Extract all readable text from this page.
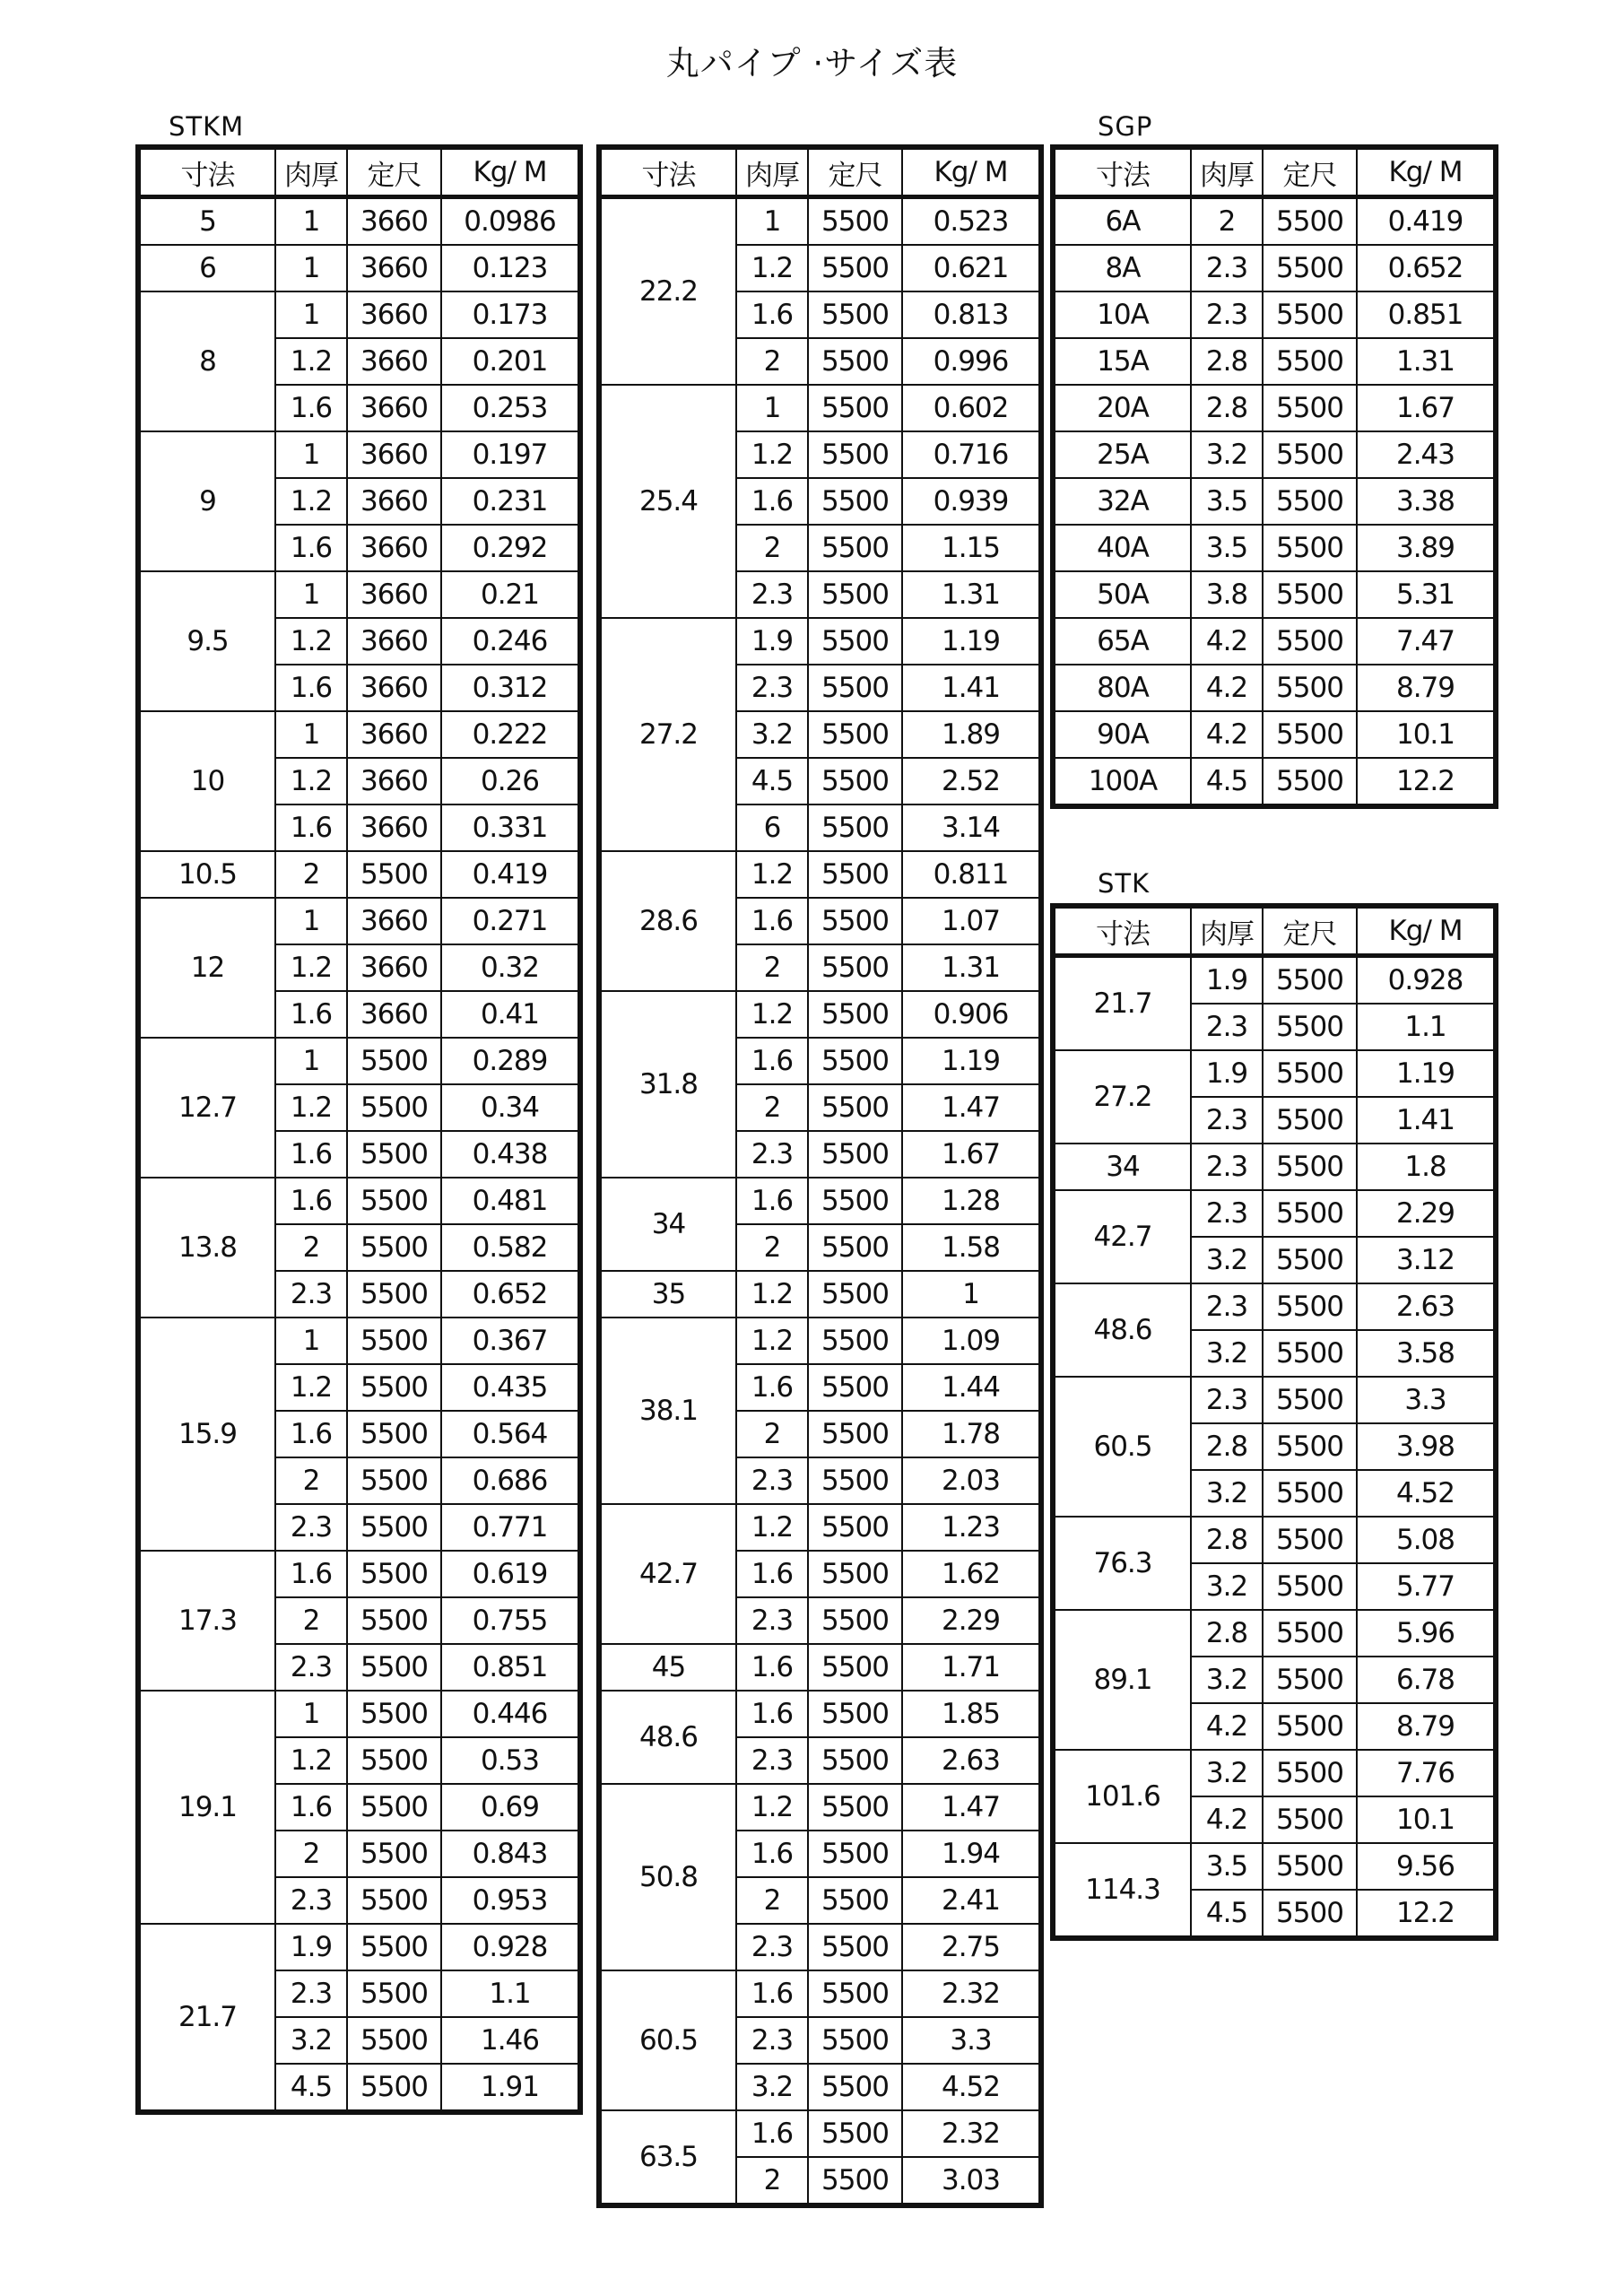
丸パイプ ·サイズ表
STKM	SGP
STK
寸法	肉厚	定尺	Kg/ M
5	1	3660	0.0986
6	1	3660	0.123
8	1	3660	0.173
	1.2	3660	0.201
	1.6	3660	0.253
9	1	3660	0.197
	1.2	3660	0.231
	1.6	3660	0.292
9.5	1	3660	0.21
	1.2	3660	0.246
	1.6	3660	0.312
10	1	3660	0.222
	1.2	3660	0.26
	1.6	3660	0.331
10.5	2	5500	0.419
12	1	3660	0.271
	1.2	3660	0.32
	1.6	3660	0.41
12.7	1	5500	0.289
	1.2	5500	0.34
	1.6	5500	0.438
13.8	1.6	5500	0.481
	2	5500	0.582
	2.3	5500	0.652
15.9	1	5500	0.367
	1.2	5500	0.435
	1.6	5500	0.564
	2	5500	0.686
	2.3	5500	0.771
17.3	1.6	5500	0.619
	2	5500	0.755
	2.3	5500	0.851
19.1	1	5500	0.446
	1.2	5500	0.53
	1.6	5500	0.69
	2	5500	0.843
	2.3	5500	0.953
21.7	1.9	5500	0.928
	2.3	5500	1.1
	3.2	5500	1.46
	4.5	5500	1.91
寸法	肉厚	定尺	Kg/ M
22.2	1	5500	0.523
	1.2	5500	0.621
	1.6	5500	0.813
	2	5500	0.996
25.4	1	5500	0.602
	1.2	5500	0.716
	1.6	5500	0.939
	2	5500	1.15
	2.3	5500	1.31
27.2	1.9	5500	1.19
	2.3	5500	1.41
	3.2	5500	1.89
	4.5	5500	2.52
	6	5500	3.14
28.6	1.2	5500	0.811
	1.6	5500	1.07
	2	5500	1.31
31.8	1.2	5500	0.906
	1.6	5500	1.19
	2	5500	1.47
	2.3	5500	1.67
34	1.6	5500	1.28
	2	5500	1.58
35	1.2	5500	1
38.1	1.2	5500	1.09
	1.6	5500	1.44
	2	5500	1.78
	2.3	5500	2.03
42.7	1.2	5500	1.23
	1.6	5500	1.62
	2.3	5500	2.29
45	1.6	5500	1.71
48.6	1.6	5500	1.85
	2.3	5500	2.63
50.8	1.2	5500	1.47
	1.6	5500	1.94
	2	5500	2.41
	2.3	5500	2.75
60.5	1.6	5500	2.32
	2.3	5500	3.3
	3.2	5500	4.52
63.5	1.6	5500	2.32
	2	5500	3.03
寸法	肉厚	定尺	Kg/ M
6A	2	5500	0.419
8A	2.3	5500	0.652
10A	2.3	5500	0.851
15A	2.8	5500	1.31
20A	2.8	5500	1.67
25A	3.2	5500	2.43
32A	3.5	5500	3.38
40A	3.5	5500	3.89
50A	3.8	5500	5.31
65A	4.2	5500	7.47
80A	4.2	5500	8.79
90A	4.2	5500	10.1
100A	4.5	5500	12.2
寸法	肉厚	定尺	Kg/ M
21.7	1.9	5500	0.928
	2.3	5500	1.1
27.2	1.9	5500	1.19
	2.3	5500	1.41
34	2.3	5500	1.8
42.7	2.3	5500	2.29
	3.2	5500	3.12
48.6	2.3	5500	2.63
	3.2	5500	3.58
60.5	2.3	5500	3.3
	2.8	5500	3.98
	3.2	5500	4.52
76.3	2.8	5500	5.08
	3.2	5500	5.77
89.1	2.8	5500	5.96
	3.2	5500	6.78
	4.2	5500	8.79
101.6	3.2	5500	7.76
	4.2	5500	10.1
114.3	3.5	5500	9.56
	4.5	5500	12.2
